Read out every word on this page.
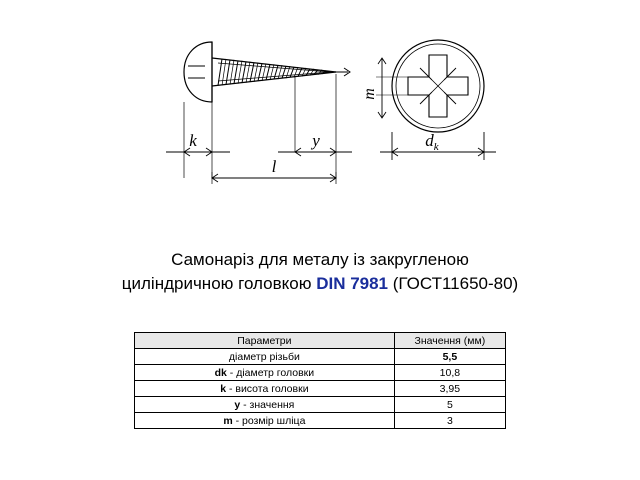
k	y
l
m
$d_k$
Самонаріз для металу із закругленою
циліндричною головкою DIN 7981 (ГОСТ11650-80)
Параметри	Значення (мм)
діаметр різьби	5,5
dk - діаметр головки	10,8
k - висота головки	3,95
y - значення	5
m - розмір шліца	3
